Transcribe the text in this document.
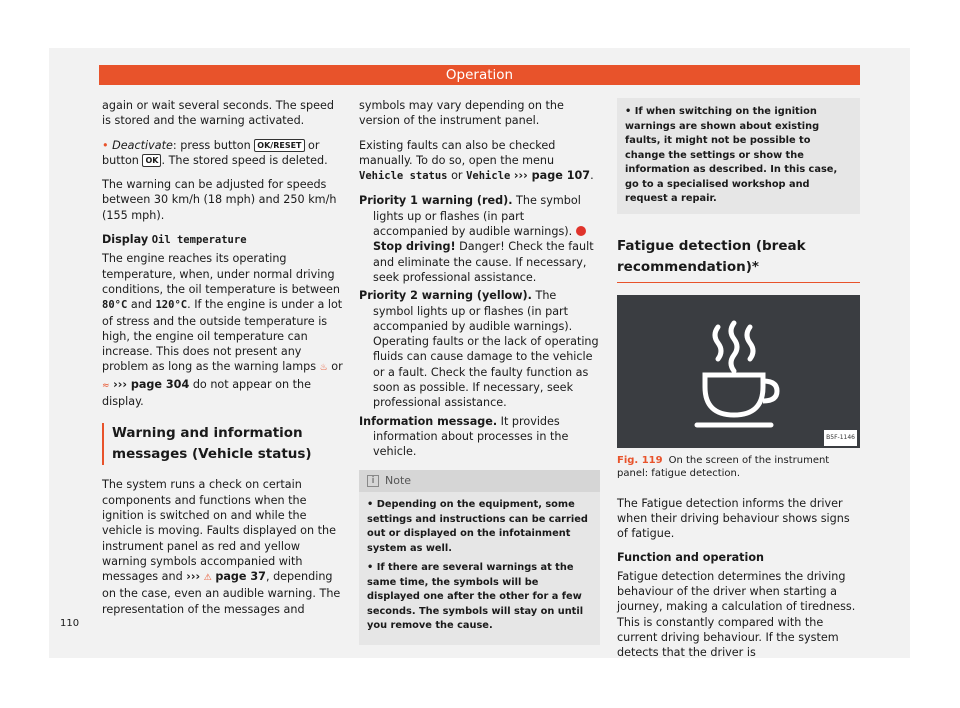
Operation

again or wait several seconds. The speed is stored and the warning activated.

• Deactivate: press button OK/RESET or button OK . The stored speed is deleted.

The warning can be adjusted for speeds between 30 km/h (18 mph) and 250 km/h (155 mph).

Display Oil temperature

The engine reaches its operating temperature, when, under normal driving conditions, the oil temperature is between 80°C and 120°C. If the engine is under a lot of stress and the outside temperature is high, the engine oil temperature can increase. This does not present any problem as long as the warning lamps ♨ or ≈ ››› page 304 do not appear on the display.

Warning and information messages (Vehicle status)

The system runs a check on certain components and functions when the ignition is switched on and while the vehicle is moving. Faults displayed on the instrument panel as red and yellow warning symbols accompanied with messages and ››› ⚠ page 37, depending on the case, even an audible warning. The representation of the messages and

symbols may vary depending on the version of the instrument panel.

Existing faults can also be checked manually. To do so, open the menu Vehicle status or Vehicle ››› page 107.

Priority 1 warning (red). The symbol lights up or flashes (in part accompanied by audible warnings).  Stop driving! Danger! Check the fault and eliminate the cause. If necessary, seek professional assistance.

Priority 2 warning (yellow). The symbol lights up or flashes (in part accompanied by audible warnings). Operating faults or the lack of operating fluids can cause damage to the vehicle or a fault. Check the faulty function as soon as possible. If necessary, seek professional assistance.

Information message. It provides information about processes in the vehicle.

i Note
• Depending on the equipment, some settings and instructions can be carried out or displayed on the infotainment system as well.
• If there are several warnings at the same time, the symbols will be displayed one after the other for a few seconds. The symbols will stay on until you remove the cause.
• If when switching on the ignition warnings are shown about existing faults, it might not be possible to change the settings or show the information as described. In this case, go to a specialised workshop and request a repair.
Fatigue detection (break recommendation)*
B5F-1146
Fig. 119 On the screen of the instrument panel: fatigue detection.

The Fatigue detection informs the driver when their driving behaviour shows signs of fatigue.

Function and operation

Fatigue detection determines the driving behaviour of the driver when starting a journey, making a calculation of tiredness. This is constantly compared with the current driving behaviour. If the system detects that the driver is

110
